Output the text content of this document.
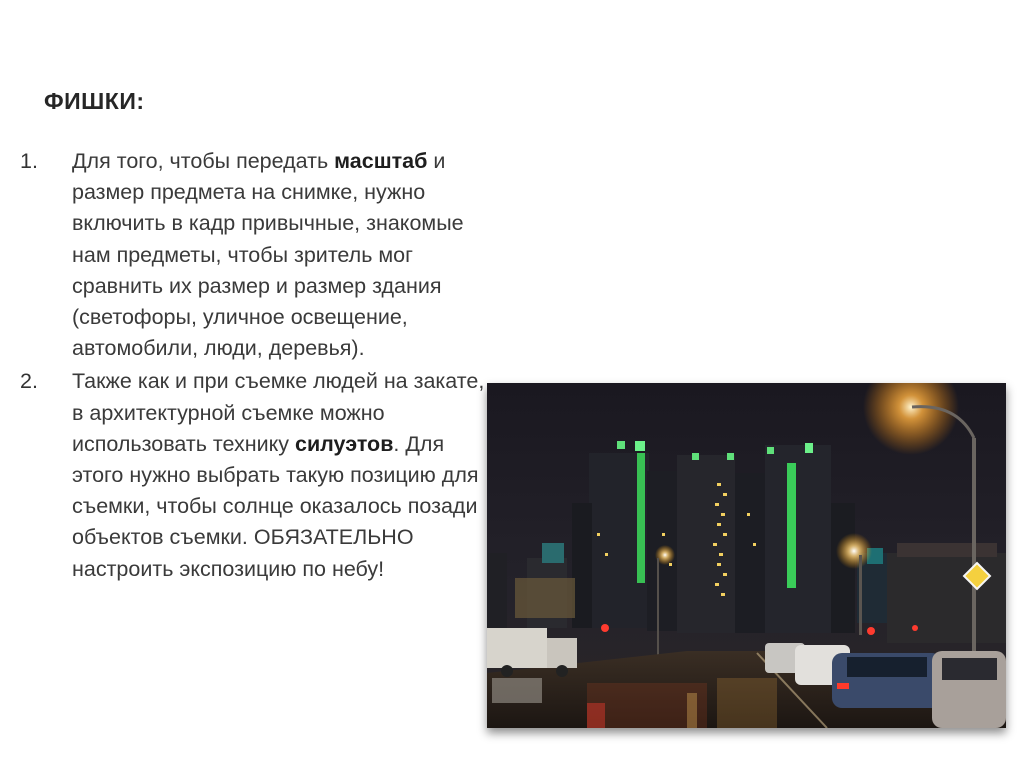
ФИШКИ:
1. Для того, чтобы передать масштаб и размер предмета на снимке, нужно включить в кадр привычные, знакомые нам предметы, чтобы зритель мог сравнить их размер и размер здания (светофоры, уличное освещение, автомобили, люди, деревья).
2. Также как и при съемке людей на закате, в архитектурной съемке можно использовать технику силуэтов. Для этого нужно выбрать такую позицию для съемки, чтобы солнце оказалось позади объектов съемки. ОБЯЗАТЕЛЬНО настроить экспозицию по небу!
